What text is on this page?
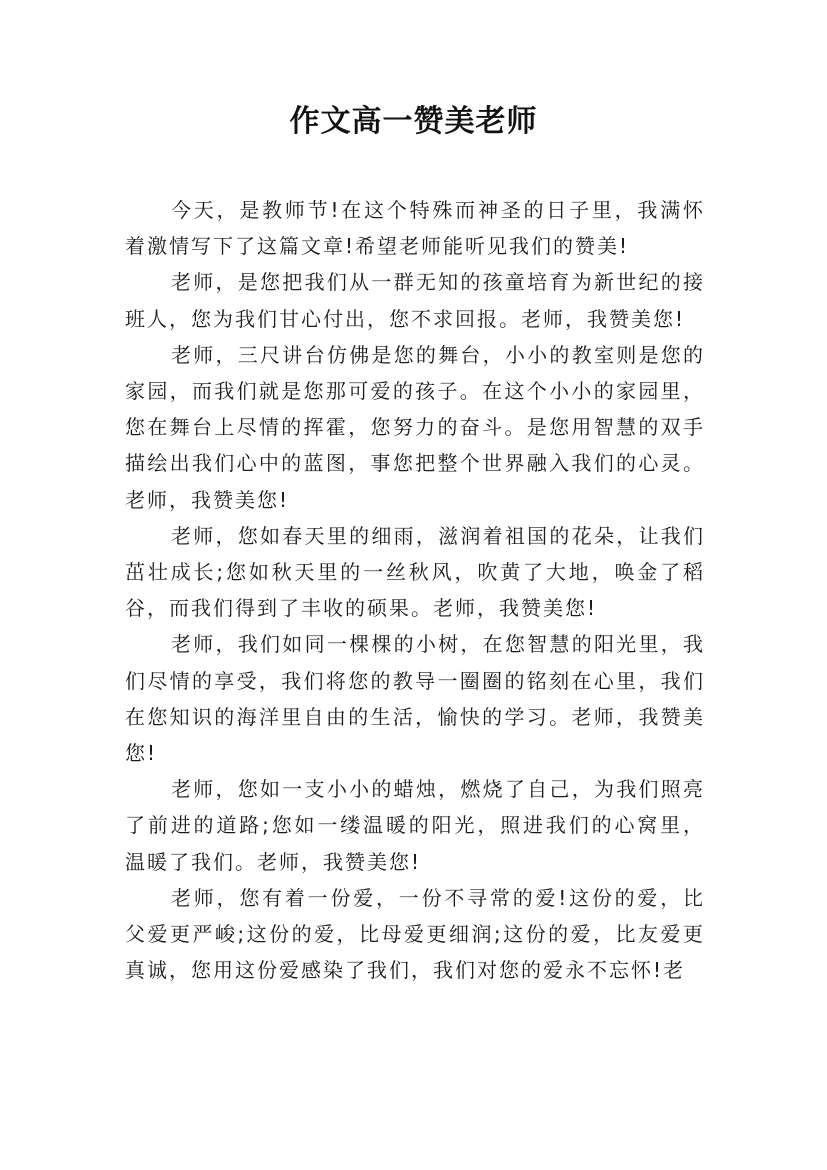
作文高一赞美老师

今天，是教师节!在这个特殊而神圣的日子里，我满怀着激情写下了这篇文章!希望老师能听见我们的赞美!

老师，是您把我们从一群无知的孩童培育为新世纪的接班人，您为我们甘心付出，您不求回报。老师，我赞美您!

老师，三尺讲台仿佛是您的舞台，小小的教室则是您的家园，而我们就是您那可爱的孩子。在这个小小的家园里，您在舞台上尽情的挥霍，您努力的奋斗。是您用智慧的双手描绘出我们心中的蓝图，事您把整个世界融入我们的心灵。老师，我赞美您!

老师，您如春天里的细雨，滋润着祖国的花朵，让我们茁壮成长;您如秋天里的一丝秋风，吹黄了大地，唤金了稻谷，而我们得到了丰收的硕果。老师，我赞美您!

老师，我们如同一棵棵的小树，在您智慧的阳光里，我们尽情的享受，我们将您的教导一圈圈的铭刻在心里，我们在您知识的海洋里自由的生活，愉快的学习。老师，我赞美您!

老师，您如一支小小的蜡烛，燃烧了自己，为我们照亮了前进的道路;您如一缕温暖的阳光，照进我们的心窝里，温暖了我们。老师，我赞美您!

老师，您有着一份爱，一份不寻常的爱!这份的爱，比父爱更严峻;这份的爱，比母爱更细润;这份的爱，比友爱更真诚，您用这份爱感染了我们，我们对您的爱永不忘怀!老
